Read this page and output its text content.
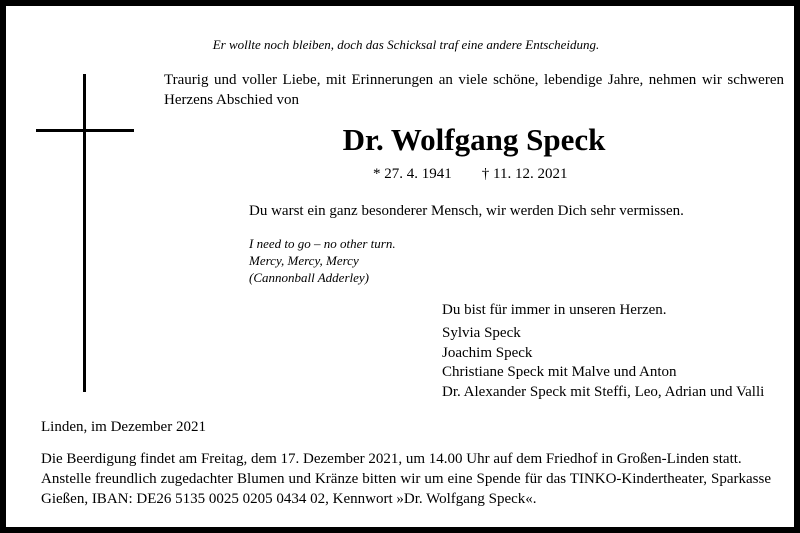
Er wollte noch bleiben, doch das Schicksal traf eine andere Entscheidung.
Traurig und voller Liebe, mit Erinnerungen an viele schöne, lebendige Jahre, nehmen wir schweren Herzens Abschied von
Dr. Wolfgang Speck
* 27. 4. 1941 † 11. 12. 2021
Du warst ein ganz besonderer Mensch, wir werden Dich sehr vermissen.
I need to go – no other turn.
Mercy, Mercy, Mercy
(Cannonball Adderley)
Du bist für immer in unseren Herzen.
Sylvia Speck
Joachim Speck
Christiane Speck mit Malve und Anton
Dr. Alexander Speck mit Steffi, Leo, Adrian und Valli
Linden, im Dezember 2021

Die Beerdigung findet am Freitag, dem 17. Dezember 2021, um 14.00 Uhr auf dem Friedhof in Großen-Linden statt.

Anstelle freundlich zugedachter Blumen und Kränze bitten wir um eine Spende für das TINKO-Kindertheater, Sparkasse Gießen, IBAN: DE26 5135 0025 0205 0434 02, Kennwort »Dr. Wolfgang Speck«.
